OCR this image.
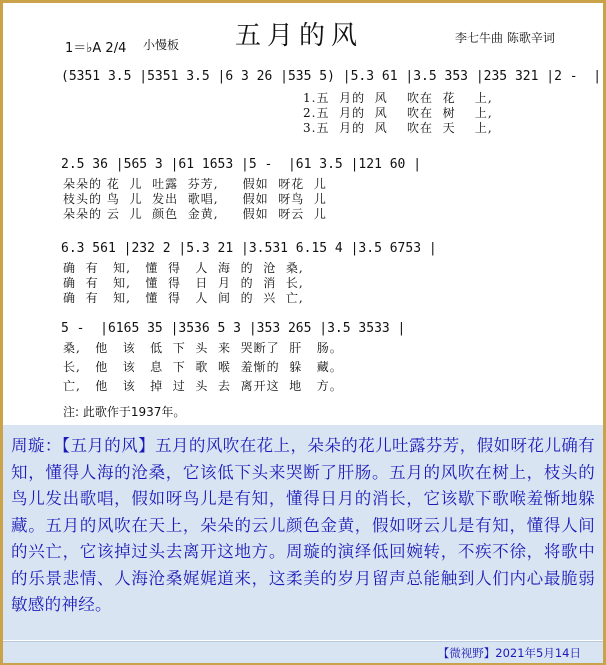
五月的风
1＝♭A 2/4 小慢板	李七牛曲 陈歌辛词
(5351 3.5 |5351 3.5 |6 3 26 |535 5) |5.3 61 |3.5 353 |235 321 |2 -  |
1.五  月的  风    吹在  花    上,
2.五  月的  风    吹在  树    上,
3.五  月的  风    吹在  天    上,
2.5 36 |565 3 |61 1653 |5 -  |61 3.5 |121 60 |
朵朵的 花  儿  吐露  芬芳,     假如  呀花  儿
枝头的 鸟  儿  发出  歌唱,     假如  呀鸟  儿
朵朵的 云  儿  颜色  金黄,     假如  呀云  儿
6.3 561 |232 2 |5.3 21 |3.531 6.15 4 |3.5 6753 |
确  有   知,   懂  得   人  海  的  沧  桑,
确  有   知,   懂  得   日  月  的  消  长,
确  有   知,   懂  得   人  间  的  兴  亡,
5 -  |6165 35 |3536 5 3 |353 265 |3.5 3533 |
桑,   他   该   低  下  头  来  哭断了  肝   肠。
长,   他   该   息  下  歌  喉  羞惭的  躲   藏。
亡,   他   该   掉  过  头  去  离开这  地   方。
注: 此歌作于1937年。

周璇：【五月的风】五月的风吹在花上，朵朵的花儿吐露芬芳，假如呀花儿确有知，懂得人海的沧桑，它该低下头来哭断了肝肠。五月的风吹在树上，枝头的鸟儿发出歌唱，假如呀鸟儿是有知，懂得日月的消长，它该歇下歌喉羞惭地躲藏。五月的风吹在天上，朵朵的云儿颜色金黄，假如呀云儿是有知，懂得人间的兴亡，它该掉过头去离开这地方。周璇的演绎低回婉转，不疾不徐，将歌中的乐景悲情、人海沧桑娓娓道来，这柔美的岁月留声总能触到人们内心最脆弱敏感的神经。

【微视野】2021年5月14日
